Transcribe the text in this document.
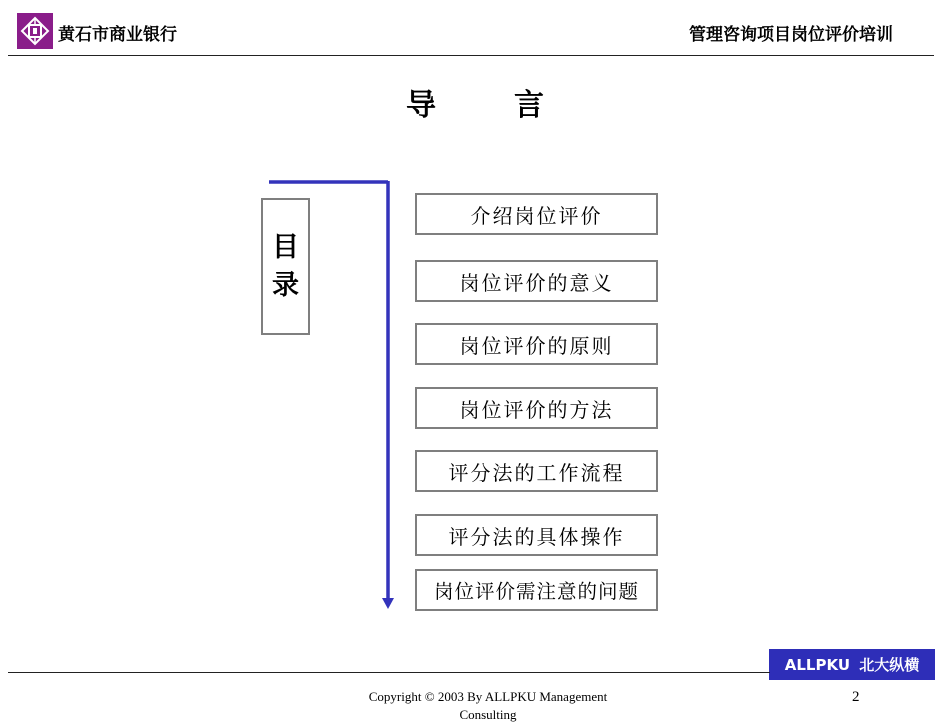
黄石市商业银行	管理咨询项目岗位评价培训
导言
目
录
介绍岗位评价
岗位评价的意义
岗位评价的原则
岗位评价的方法
评分法的工作流程
评分法的具体操作
岗位评价需注意的问题
ALLPKU 北大纵横
Copyright © 2003 By ALLPKU Management Consulting
2
